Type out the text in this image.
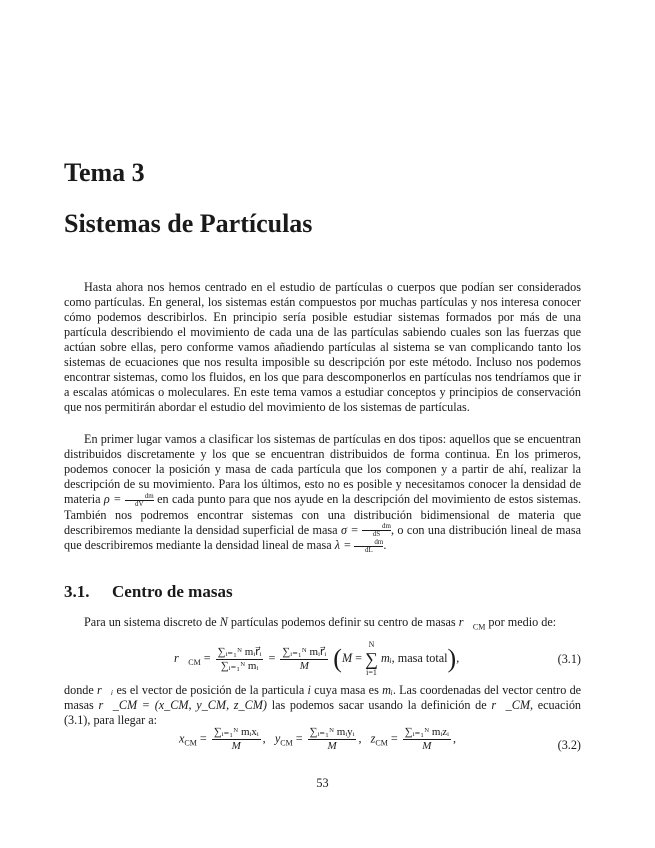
Tema 3
Sistemas de Partículas

Hasta ahora nos hemos centrado en el estudio de partículas o cuerpos que podían ser considerados como partículas. En general, los sistemas están compuestos por muchas partículas y nos interesa conocer cómo podemos describirlos. En principio sería posible estudiar sistemas formados por más de una partícula describiendo el movimiento de cada una de las partículas sabiendo cuales son las fuerzas que actúan sobre ellas, pero conforme vamos añadiendo partículas al sistema se van complicando tanto los sistemas de ecuaciones que nos resulta imposible su descripción por este método. Incluso nos podemos encontrar sistemas, como los fluidos, en los que para descomponerlos en partículas nos tendríamos que ir a escalas atómicas o moleculares. En este tema vamos a estudiar conceptos y principios de conservación que nos permitirán abordar el estudio del movimiento de los sistemas de partículas.

En primer lugar vamos a clasificar los sistemas de partículas en dos tipos: aquellos que se encuentran distribuidos discretamente y los que se encuentran distribuidos de forma continua. En los primeros, podemos conocer la posición y masa de cada partícula que los componen y a partir de ahí, realizar la descripción de su movimiento. Para los últimos, esto no es posible y necesitamos conocer la densidad de materia $\rho = \frac{dm}{dV}$ en cada punto para que nos ayude en la descripción del movimiento de estos sistemas. También nos podremos encontrar sistemas con una distribución bidimensional de materia que describiremos mediante la densidad superficial de masa $\sigma = \frac{dm}{dS}$, o con una distribución lineal de masa que describiremos mediante la densidad lineal de masa $\lambda = \frac{dm}{dL}$.

3.1. Centro de masas

Para un sistema discreto de N partículas podemos definir su centro de masas $r⃗_{CM}$ por medio de:

$r⃗_{CM} = \frac{\text{∑ᵢ₌₁ᴺ mᵢr⃗ᵢ}}{\text{∑ᵢ₌₁ᴺ mᵢ}} = \frac{\text{∑ᵢ₌₁ᴺ mᵢr⃗ᵢ}}{M} (M$ =
N
∑
i=1
mᵢ, masa total),	(3.1)

donde r⃗ᵢ es el vector de posición de la particula i cuya masa es mᵢ. Las coordenadas del vector centro de masas r⃗_CM = (x_CM, y_CM, z_CM) las podemos sacar usando la definición de r⃗_CM, ecuación (3.1), para llegar a:

$x_{CM} = \frac{\text{∑ᵢ₌₁ᴺ mᵢxᵢ}}{M}$ ,   $y_{CM} = \frac{\text{∑ᵢ₌₁ᴺ mᵢyᵢ}}{M}$ ,   $z_{CM} = \frac{\text{∑ᵢ₌₁ᴺ mᵢzᵢ}}{M}$ ,	(3.2)
53
